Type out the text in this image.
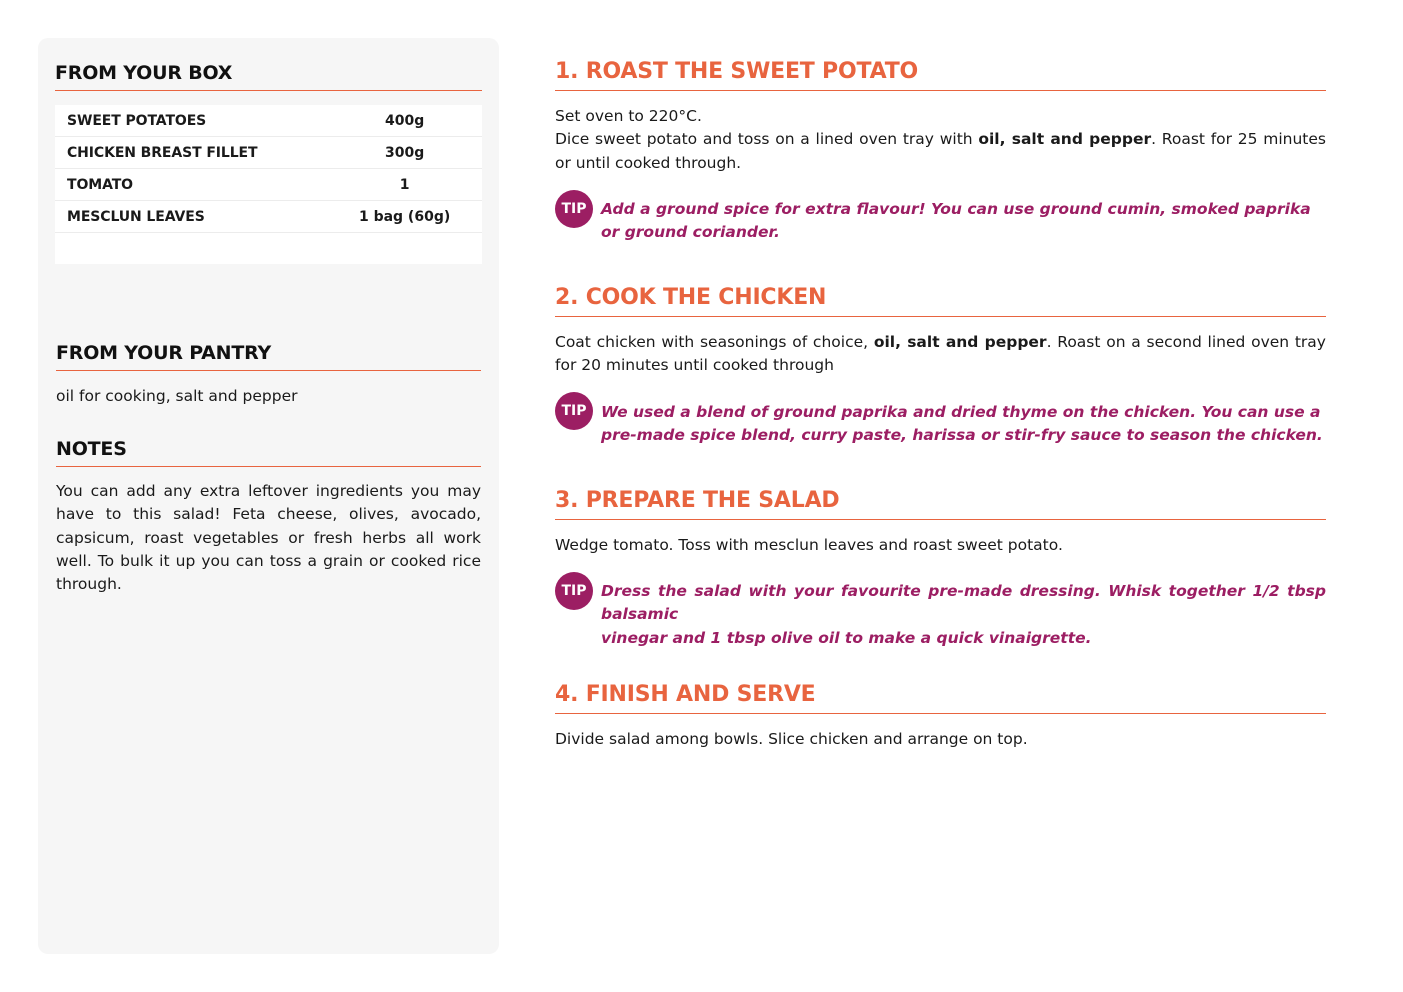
FROM YOUR BOX
SWEET POTATOES	400g
CHICKEN BREAST FILLET	300g
TOMATO	1
MESCLUN LEAVES	1 bag (60g)

FROM YOUR PANTRY

oil for cooking, salt and pepper

NOTES

You can add any extra leftover ingredients you may have to this salad! Feta cheese, olives, avocado, capsicum, roast vegetables or fresh herbs all work well. To bulk it up you can toss a grain or cooked rice through.

1. ROAST THE SWEET POTATO

Set oven to 220°C.
Dice sweet potato and toss on a lined oven tray with oil, salt and pepper. Roast for 25 minutes or until cooked through.

TIP Add a ground spice for extra flavour! You can use ground cumin, smoked paprika or ground coriander.

2. COOK THE CHICKEN

Coat chicken with seasonings of choice, oil, salt and pepper. Roast on a second lined oven tray for 20 minutes until cooked through

TIP We used a blend of ground paprika and dried thyme on the chicken. You can use a pre-made spice blend, curry paste, harissa or stir-fry sauce to season the chicken.

3. PREPARE THE SALAD

Wedge tomato. Toss with mesclun leaves and roast sweet potato.

TIP Dress the salad with your favourite pre-made dressing. Whisk together 1/2 tbsp balsamic

vinegar and 1 tbsp olive oil to make a quick vinaigrette.

4. FINISH AND SERVE

Divide salad among bowls. Slice chicken and arrange on top.
